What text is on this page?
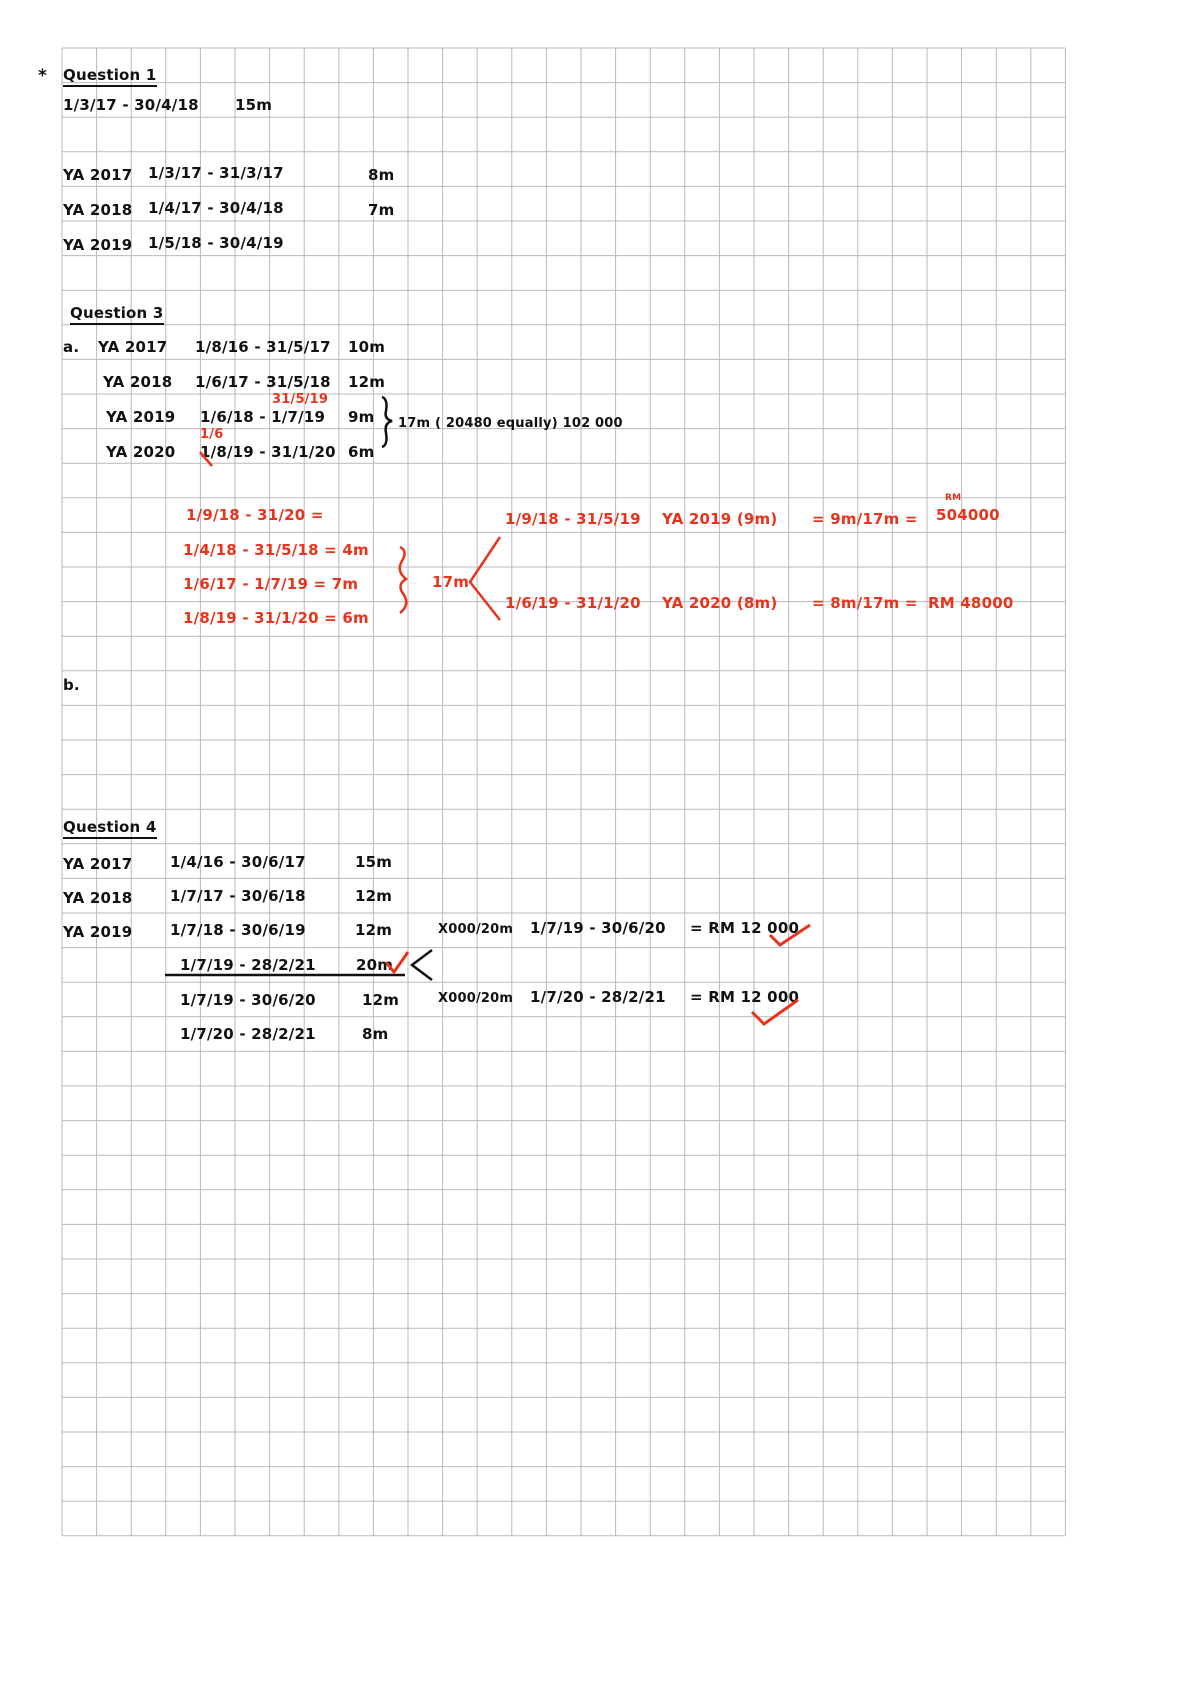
* Question 1
1/3/17 - 30/4/18 15m
YA 2017 1/3/17 - 31/3/17	8m
YA 2018 1/4/17 - 30/4/18	7m
YA 2019 1/5/18 - 30/4/19
Question 3
a. YA 2017 1/8/16 - 31/5/17 10m
YA 2018 1/6/17 - 31/5/18 12m
31/5/19
YA 2019 1/6/18 - 1/7/19 9m
1/6
YA 2020 1/8/19 - 31/1/20 6m
17m ( 20480 equally) 102 000
1/9/18 - 31/20 =
1/4/18 - 31/5/18 = 4m
1/6/17 - 1/7/19 = 7m
1/8/19 - 31/1/20 = 6m
17m
1/9/18 - 31/5/19 YA 2019 (9m) = 9m/17m =
RM
504000
1/6/19 - 31/1/20 YA 2020 (8m) = 8m/17m = RM 48000
b.
Question 4
YA 2017	1/4/16 - 30/6/17	15m
YA 2018	1/7/17 - 30/6/18	12m
YA 2019	1/7/18 - 30/6/19	12m
1/7/19 - 28/2/21	20m
1/7/19 - 30/6/20	12m
1/7/20 - 28/2/21	8m
X000/20m 1/7/19 - 30/6/20 = RM 12 000
X000/20m 1/7/20 - 28/2/21 = RM 12 000
